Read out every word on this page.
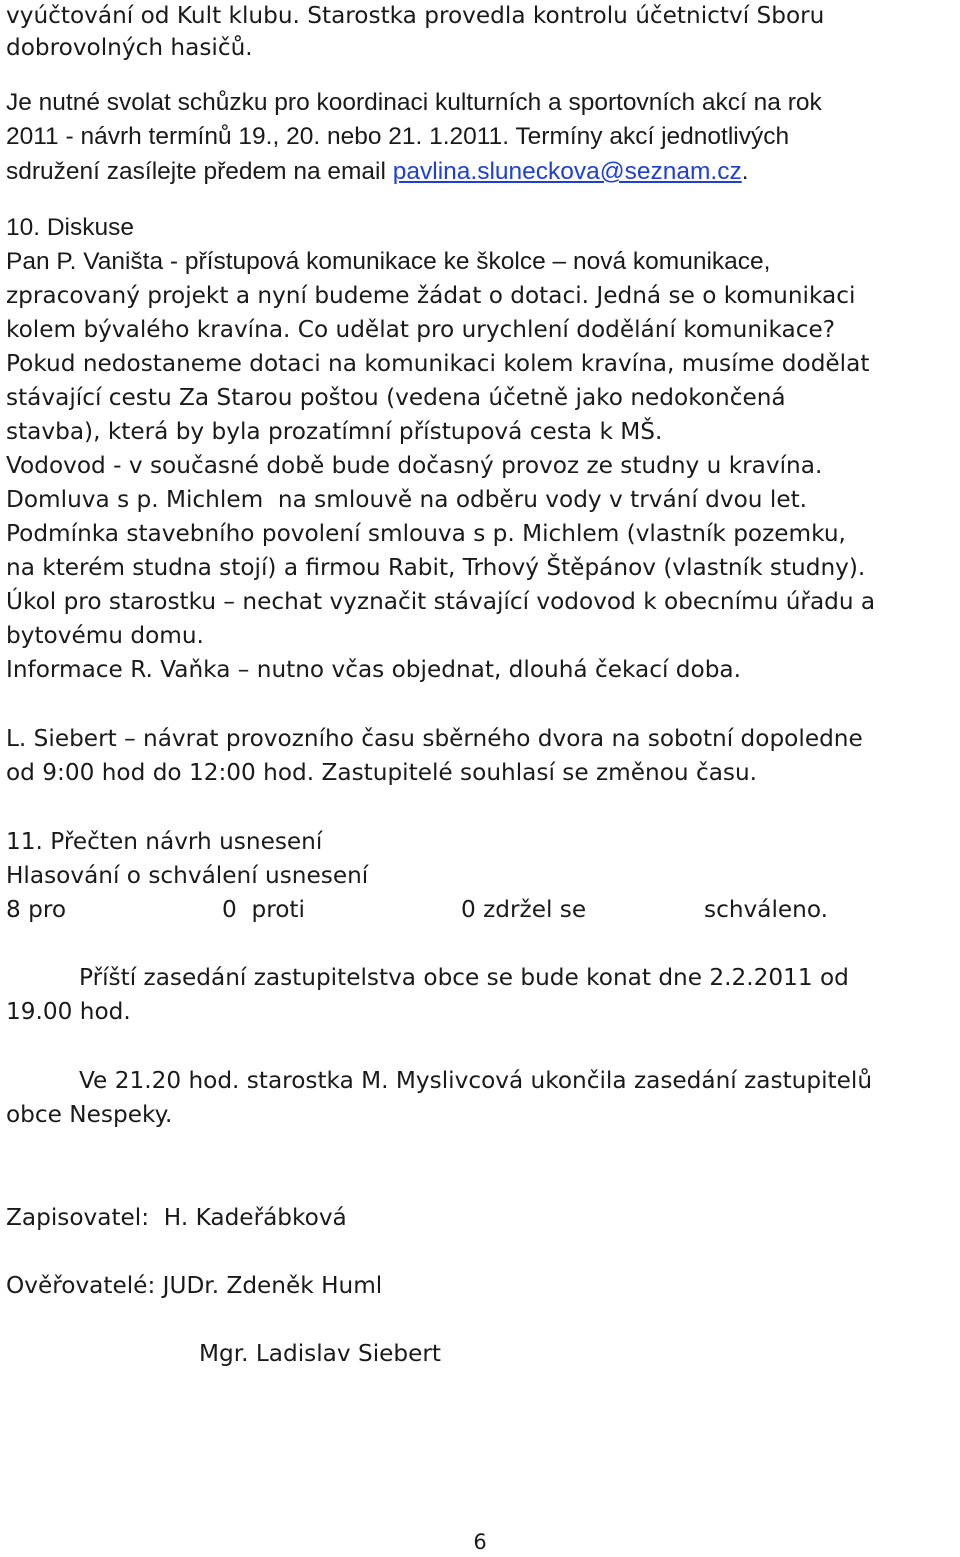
vyúčtování od Kult klubu. Starostka provedla kontrolu účetnictví Sboru
dobrovolných hasičů.
Je nutné svolat schůzku pro koordinaci kulturních a sportovních akcí na rok
2011 - návrh termínů 19., 20. nebo 21. 1.2011. Termíny akcí jednotlivých
sdružení zasílejte předem na email pavlina.sluneckova@seznam.cz.
10. Diskuse
Pan P. Vaništa - přístupová komunikace ke školce – nová komunikace,
zpracovaný projekt a nyní budeme žádat o dotaci. Jedná se o komunikaci
kolem bývalého kravína. Co udělat pro urychlení dodělání komunikace?
Pokud nedostaneme dotaci na komunikaci kolem kravína, musíme dodělat
stávající cestu Za Starou poštou (vedena účetně jako nedokončená
stavba), která by byla prozatímní přístupová cesta k MŠ.
Vodovod - v současné době bude dočasný provoz ze studny u kravína.
Domluva s p. Michlem  na smlouvě na odběru vody v trvání dvou let.
Podmínka stavebního povolení smlouva s p. Michlem (vlastník pozemku,
na kterém studna stojí) a firmou Rabit, Trhový Štěpánov (vlastník studny).
Úkol pro starostku – nechat vyznačit stávající vodovod k obecnímu úřadu a
bytovému domu.
Informace R. Vaňka – nutno včas objednat, dlouhá čekací doba.
L. Siebert – návrat provozního času sběrného dvora na sobotní dopoledne
od 9:00 hod do 12:00 hod. Zastupitelé souhlasí se změnou času.
11. Přečten návrh usnesení
Hlasování o schválení usnesení
8 pro	0  proti	0 zdržel se	schváleno.
Příští zasedání zastupitelstva obce se bude konat dne 2.2.2011 od
19.00 hod.
Ve 21.20 hod. starostka M. Myslivcová ukončila zasedání zastupitelů
obce Nespeky.
Zapisovatel:  H. Kadeřábková
Ověřovatelé: JUDr. Zdeněk Huml
Mgr. Ladislav Siebert
6
